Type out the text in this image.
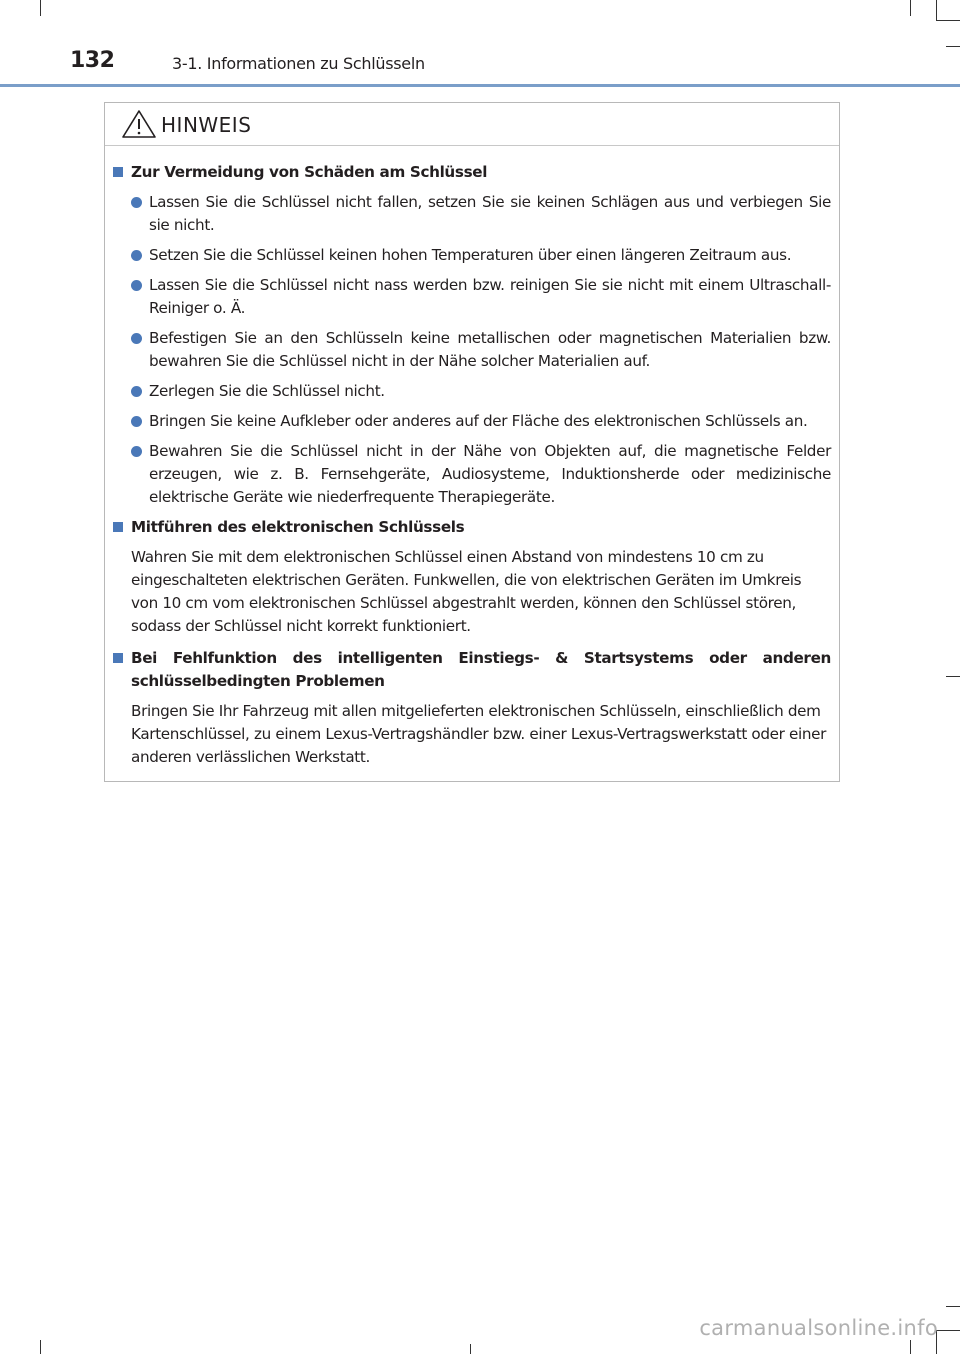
132	3-1. Informationen zu Schlüsseln
HINWEIS
Zur Vermeidung von Schäden am Schlüssel
Lassen Sie die Schlüssel nicht fallen, setzen Sie sie keinen Schlägen aus und verbiegen Sie sie nicht.
Setzen Sie die Schlüssel keinen hohen Temperaturen über einen längeren Zeitraum aus.
Lassen Sie die Schlüssel nicht nass werden bzw. reinigen Sie sie nicht mit einem Ultraschall-Reiniger o. Ä.
Befestigen Sie an den Schlüsseln keine metallischen oder magnetischen Materialien bzw. bewahren Sie die Schlüssel nicht in der Nähe solcher Materialien auf.
Zerlegen Sie die Schlüssel nicht.
Bringen Sie keine Aufkleber oder anderes auf der Fläche des elektronischen Schlüssels an.
Bewahren Sie die Schlüssel nicht in der Nähe von Objekten auf, die magnetische Felder erzeugen, wie z. B. Fernsehgeräte, Audiosysteme, Induktionsherde oder medizinische elektrische Geräte wie niederfrequente Therapiegeräte.
Mitführen des elektronischen Schlüssels
Wahren Sie mit dem elektronischen Schlüssel einen Abstand von mindestens 10 cm zu eingeschalteten elektrischen Geräten. Funkwellen, die von elektrischen Geräten im Umkreis von 10 cm vom elektronischen Schlüssel abgestrahlt werden, können den Schlüssel stören, sodass der Schlüssel nicht korrekt funktioniert.
Bei Fehlfunktion des intelligenten Einstiegs- & Startsystems oder anderen schlüsselbedingten Problemen
Bringen Sie Ihr Fahrzeug mit allen mitgelieferten elektronischen Schlüsseln, einschließlich dem Kartenschlüssel, zu einem Lexus-Vertragshändler bzw. einer Lexus-Vertragswerkstatt oder einer anderen verlässlichen Werkstatt.
carmanualsonline.info
